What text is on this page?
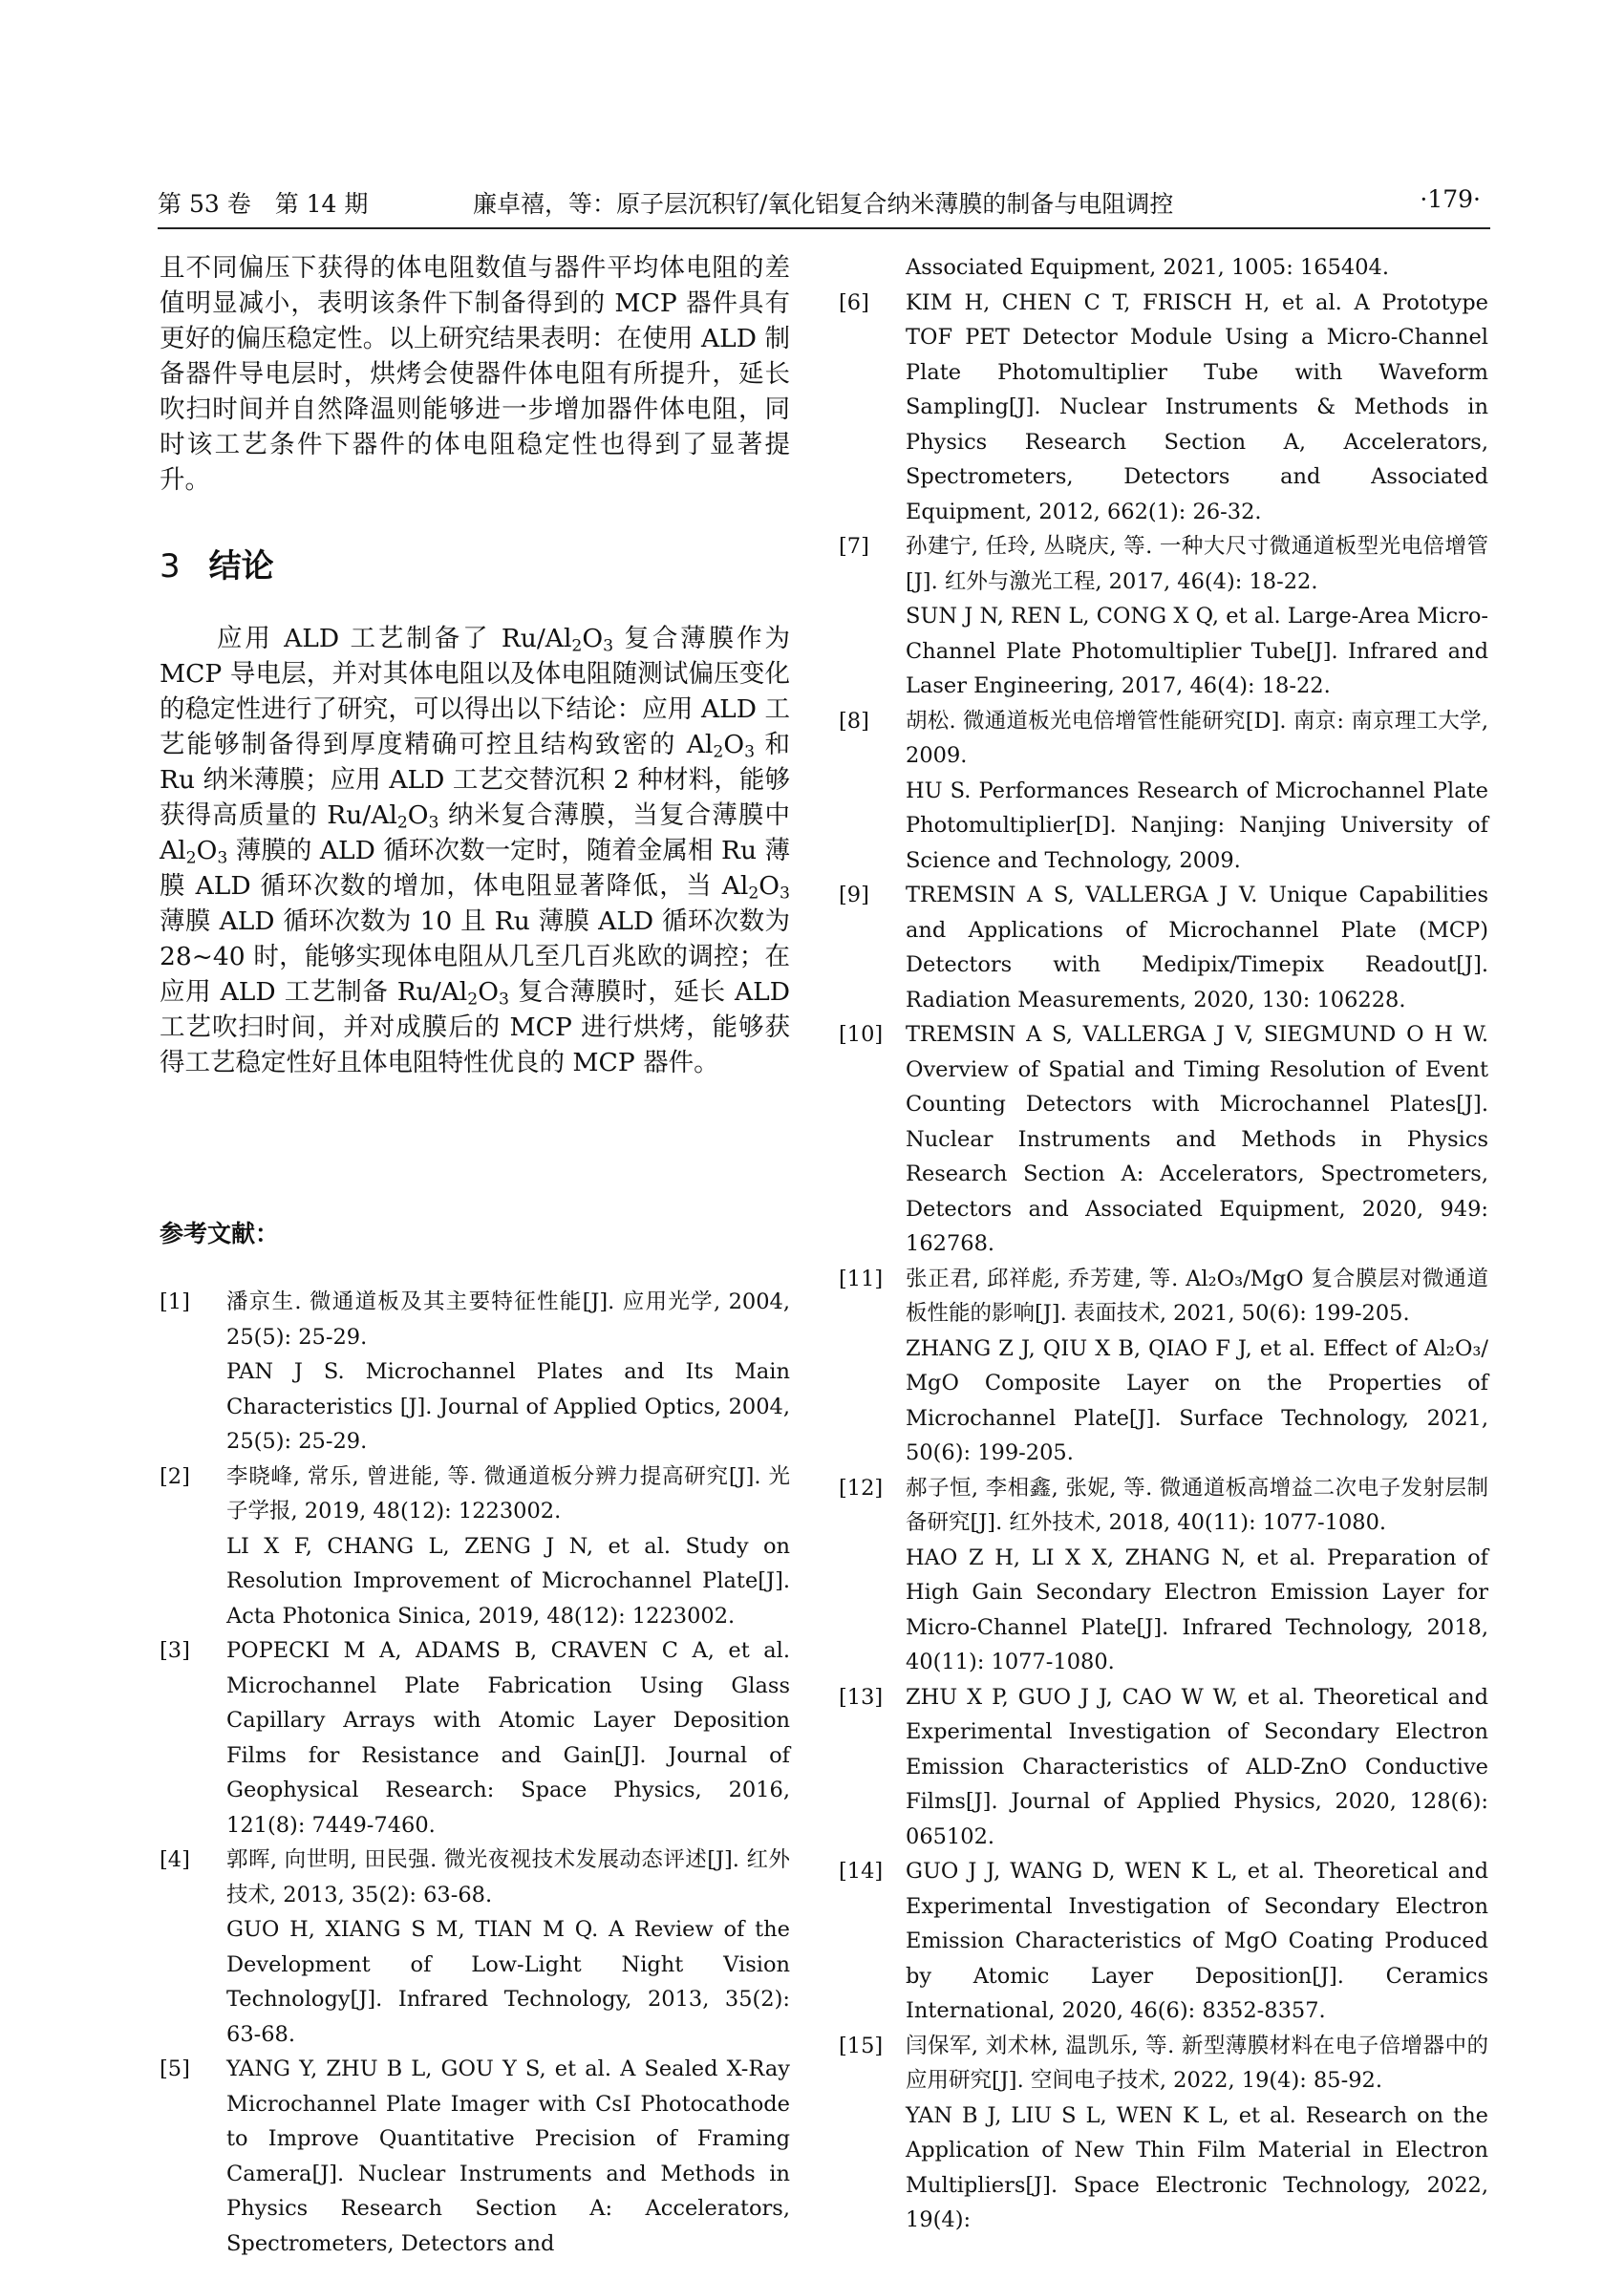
第 53 卷　第 14 期	廉卓禧，等：原子层沉积钌/氧化铝复合纳米薄膜的制备与电阻调控	·179·

且不同偏压下获得的体电阻数值与器件平均体电阻的差值明显减小，表明该条件下制备得到的 MCP 器件具有更好的偏压稳定性。以上研究结果表明：在使用 ALD 制备器件导电层时，烘烤会使器件体电阻有所提升，延长吹扫时间并自然降温则能够进一步增加器件体电阻，同时该工艺条件下器件的体电阻稳定性也得到了显著提升。

3 结论

应用 ALD 工艺制备了 $Ru/Al_2O_3$ 复合薄膜作为 MCP 导电层，并对其体电阻以及体电阻随测试偏压变化的稳定性进行了研究，可以得出以下结论：应用 ALD 工艺能够制备得到厚度精确可控且结构致密的 $Al_2O_3$ 和 Ru 纳米薄膜；应用 ALD 工艺交替沉积 2 种材料，能够获得高质量的 $Ru/Al_2O_3$ 纳米复合薄膜，当复合薄膜中 $Al_2O_3$ 薄膜的 ALD 循环次数一定时，随着金属相 Ru 薄膜 ALD 循环次数的增加，体电阻显著降低，当 $Al_2O_3$ 薄膜 ALD 循环次数为 10 且 Ru 薄膜 ALD 循环次数为 28~40 时，能够实现体电阻从几至几百兆欧的调控；在应用 ALD 工艺制备 $Ru/Al_2O_3$ 复合薄膜时，延长 ALD 工艺吹扫时间，并对成膜后的 MCP 进行烘烤，能够获得工艺稳定性好且体电阻特性优良的 MCP 器件。

参考文献：
[1] 潘京生. 微通道板及其主要特征性能[J]. 应用光学, 2004, 25(5): 25-29.
PAN J S. Microchannel Plates and Its Main Characteristics [J]. Journal of Applied Optics, 2004, 25(5): 25-29.
[2] 李晓峰, 常乐, 曾进能, 等. 微通道板分辨力提高研究[J]. 光子学报, 2019, 48(12): 1223002.
LI X F, CHANG L, ZENG J N, et al. Study on Resolution Improvement of Microchannel Plate[J]. Acta Photonica Sinica, 2019, 48(12): 1223002.
[3] POPECKI M A, ADAMS B, CRAVEN C A, et al. Microchannel Plate Fabrication Using Glass Capillary Arrays with Atomic Layer Deposition Films for Resistance and Gain[J]. Journal of Geophysical Research: Space Physics, 2016, 121(8): 7449-7460.
[4] 郭晖, 向世明, 田民强. 微光夜视技术发展动态评述[J]. 红外技术, 2013, 35(2): 63-68.
GUO H, XIANG S M, TIAN M Q. A Review of the Development of Low-Light Night Vision Technology[J]. Infrared Technology, 2013, 35(2): 63-68.
[5] YANG Y, ZHU B L, GOU Y S, et al. A Sealed X-Ray Microchannel Plate Imager with CsI Photocathode to Improve Quantitative Precision of Framing Camera[J]. Nuclear Instruments and Methods in Physics Research Section A: Accelerators, Spectrometers, Detectors and
Associated Equipment, 2021, 1005: 165404.
[6] KIM H, CHEN C T, FRISCH H, et al. A Prototype TOF PET Detector Module Using a Micro-Channel Plate Photomultiplier Tube with Waveform Sampling[J]. Nuclear Instruments & Methods in Physics Research Section A, Accelerators, Spectrometers, Detectors and Associated Equipment, 2012, 662(1): 26-32.
[7] 孙建宁, 任玲, 丛晓庆, 等. 一种大尺寸微通道板型光电倍增管[J]. 红外与激光工程, 2017, 46(4): 18-22.
SUN J N, REN L, CONG X Q, et al. Large-Area Micro-Channel Plate Photomultiplier Tube[J]. Infrared and Laser Engineering, 2017, 46(4): 18-22.
[8] 胡松. 微通道板光电倍增管性能研究[D]. 南京: 南京理工大学, 2009.
HU S. Performances Research of Microchannel Plate Photomultiplier[D]. Nanjing: Nanjing University of Science and Technology, 2009.
[9] TREMSIN A S, VALLERGA J V. Unique Capabilities and Applications of Microchannel Plate (MCP) Detectors with Medipix/Timepix Readout[J]. Radiation Measurements, 2020, 130: 106228.
[10] TREMSIN A S, VALLERGA J V, SIEGMUND O H W. Overview of Spatial and Timing Resolution of Event Counting Detectors with Microchannel Plates[J]. Nuclear Instruments and Methods in Physics Research Section A: Accelerators, Spectrometers, Detectors and Associated Equipment, 2020, 949: 162768.
[11] 张正君, 邱祥彪, 乔芳建, 等. Al₂O₃/MgO 复合膜层对微通道板性能的影响[J]. 表面技术, 2021, 50(6): 199-205.
ZHANG Z J, QIU X B, QIAO F J, et al. Effect of Al₂O₃/ MgO Composite Layer on the Properties of Microchannel Plate[J]. Surface Technology, 2021, 50(6): 199-205.
[12] 郝子恒, 李相鑫, 张妮, 等. 微通道板高增益二次电子发射层制备研究[J]. 红外技术, 2018, 40(11): 1077-1080.
HAO Z H, LI X X, ZHANG N, et al. Preparation of High Gain Secondary Electron Emission Layer for Micro-Channel Plate[J]. Infrared Technology, 2018, 40(11): 1077-1080.
[13] ZHU X P, GUO J J, CAO W W, et al. Theoretical and Experimental Investigation of Secondary Electron Emission Characteristics of ALD-ZnO Conductive Films[J]. Journal of Applied Physics, 2020, 128(6): 065102.
[14] GUO J J, WANG D, WEN K L, et al. Theoretical and Experimental Investigation of Secondary Electron Emission Characteristics of MgO Coating Produced by Atomic Layer Deposition[J]. Ceramics International, 2020, 46(6): 8352-8357.
[15] 闫保军, 刘术林, 温凯乐, 等. 新型薄膜材料在电子倍增器中的应用研究[J]. 空间电子技术, 2022, 19(4): 85-92.
YAN B J, LIU S L, WEN K L, et al. Research on the Application of New Thin Film Material in Electron Multipliers[J]. Space Electronic Technology, 2022, 19(4):
